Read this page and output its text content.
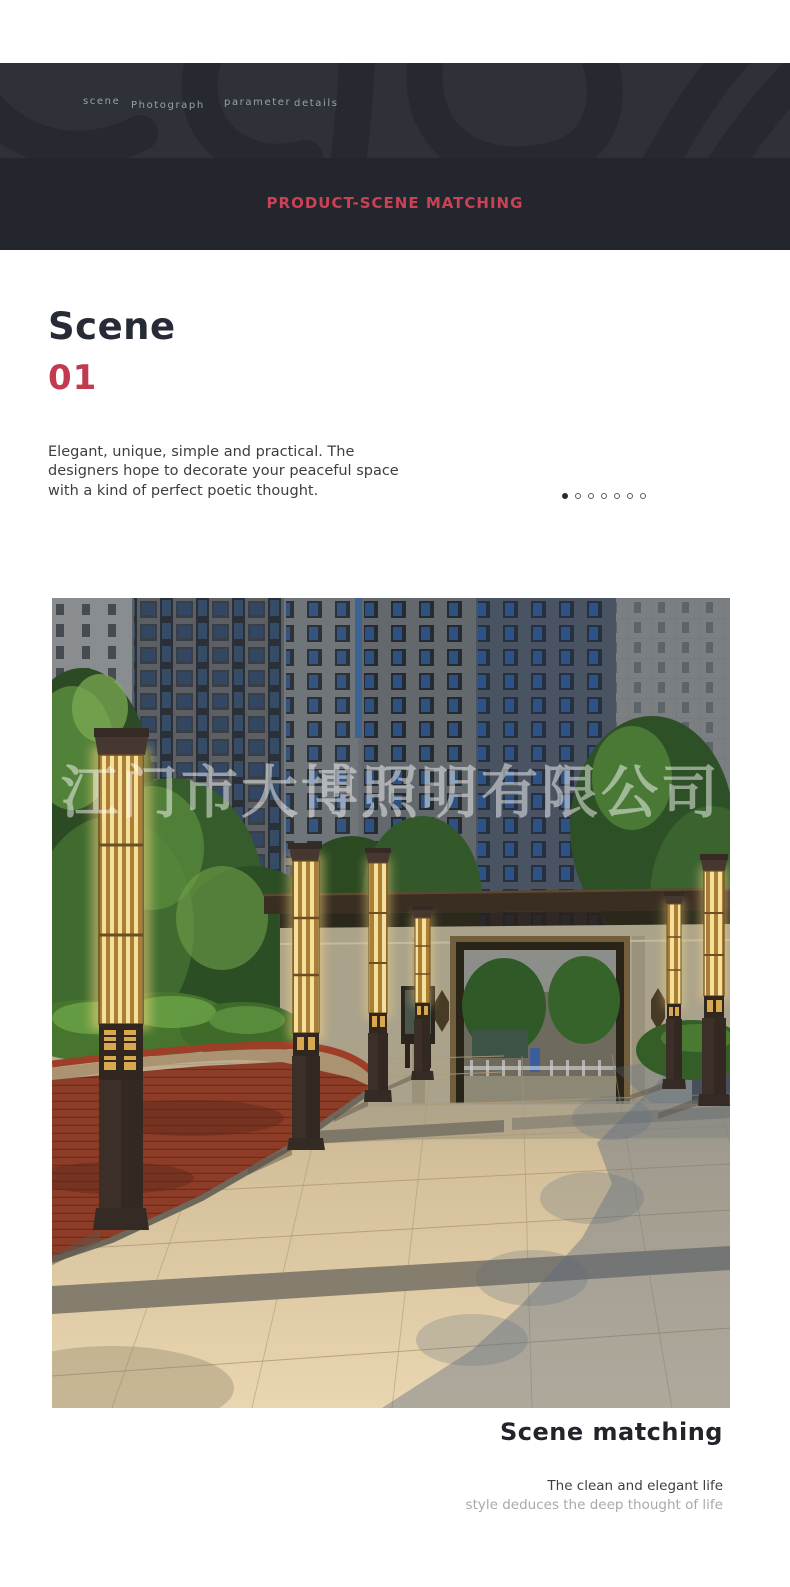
scene Photograph parameter details
PRODUCT-SCENE MATCHING
Scene
01

Elegant, unique, simple and practical. The designers hope to decorate your peaceful space with a kind of perfect poetic thought.

江门市大博照明有限公司
Scene matching

The clean and elegant life

style deduces the deep thought of life
